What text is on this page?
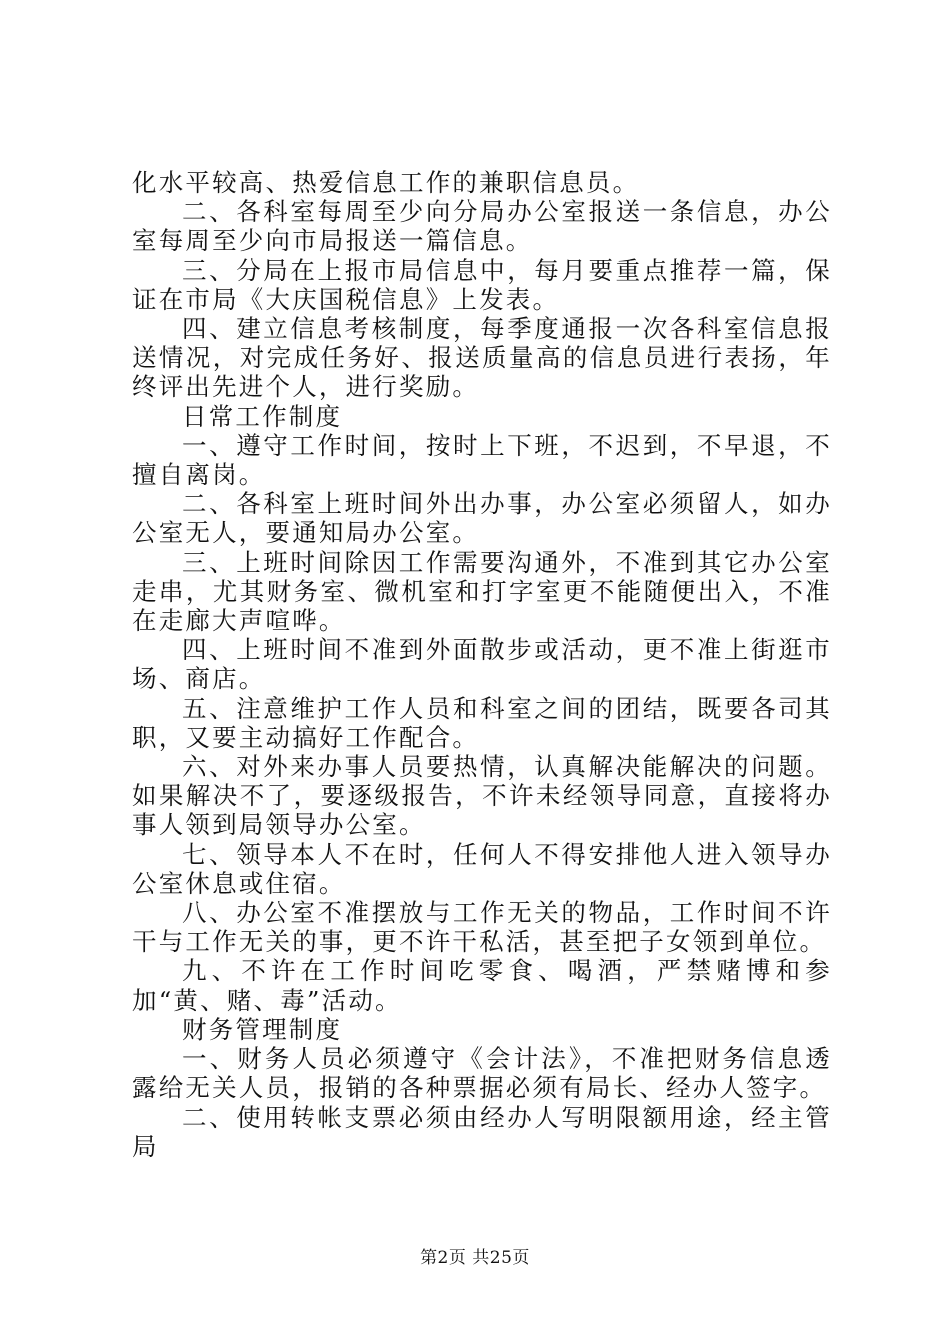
化水平较高、热爱信息工作的兼职信息员。

二、各科室每周至少向分局办公室报送一条信息，办公室每周至少向市局报送一篇信息。

三、分局在上报市局信息中，每月要重点推荐一篇，保证在市局《大庆国税信息》上发表。

四、建立信息考核制度，每季度通报一次各科室信息报送情况，对完成任务好、报送质量高的信息员进行表扬，年终评出先进个人，进行奖励。

日常工作制度

一、遵守工作时间，按时上下班，不迟到，不早退，不擅自离岗。

二、各科室上班时间外出办事，办公室必须留人，如办公室无人，要通知局办公室。

三、上班时间除因工作需要沟通外，不准到其它办公室走串，尤其财务室、微机室和打字室更不能随便出入，不准在走廊大声喧哗。

四、上班时间不准到外面散步或活动，更不准上街逛市场、商店。

五、注意维护工作人员和科室之间的团结，既要各司其职，又要主动搞好工作配合。

六、对外来办事人员要热情，认真解决能解决的问题。如果解决不了，要逐级报告，不许未经领导同意，直接将办事人领到局领导办公室。

七、领导本人不在时，任何人不得安排他人进入领导办公室休息或住宿。

八、办公室不准摆放与工作无关的物品，工作时间不许干与工作无关的事，更不许干私活，甚至把子女领到单位。

九、不许在工作时间吃零食、喝酒，严禁赌博和参加“黄、赌、毒”活动。

财务管理制度

一、财务人员必须遵守《会计法》，不准把财务信息透露给无关人员，报销的各种票据必须有局长、经办人签字。

二、使用转帐支票必须由经办人写明限额用途，经主管局

第2页 共25页
